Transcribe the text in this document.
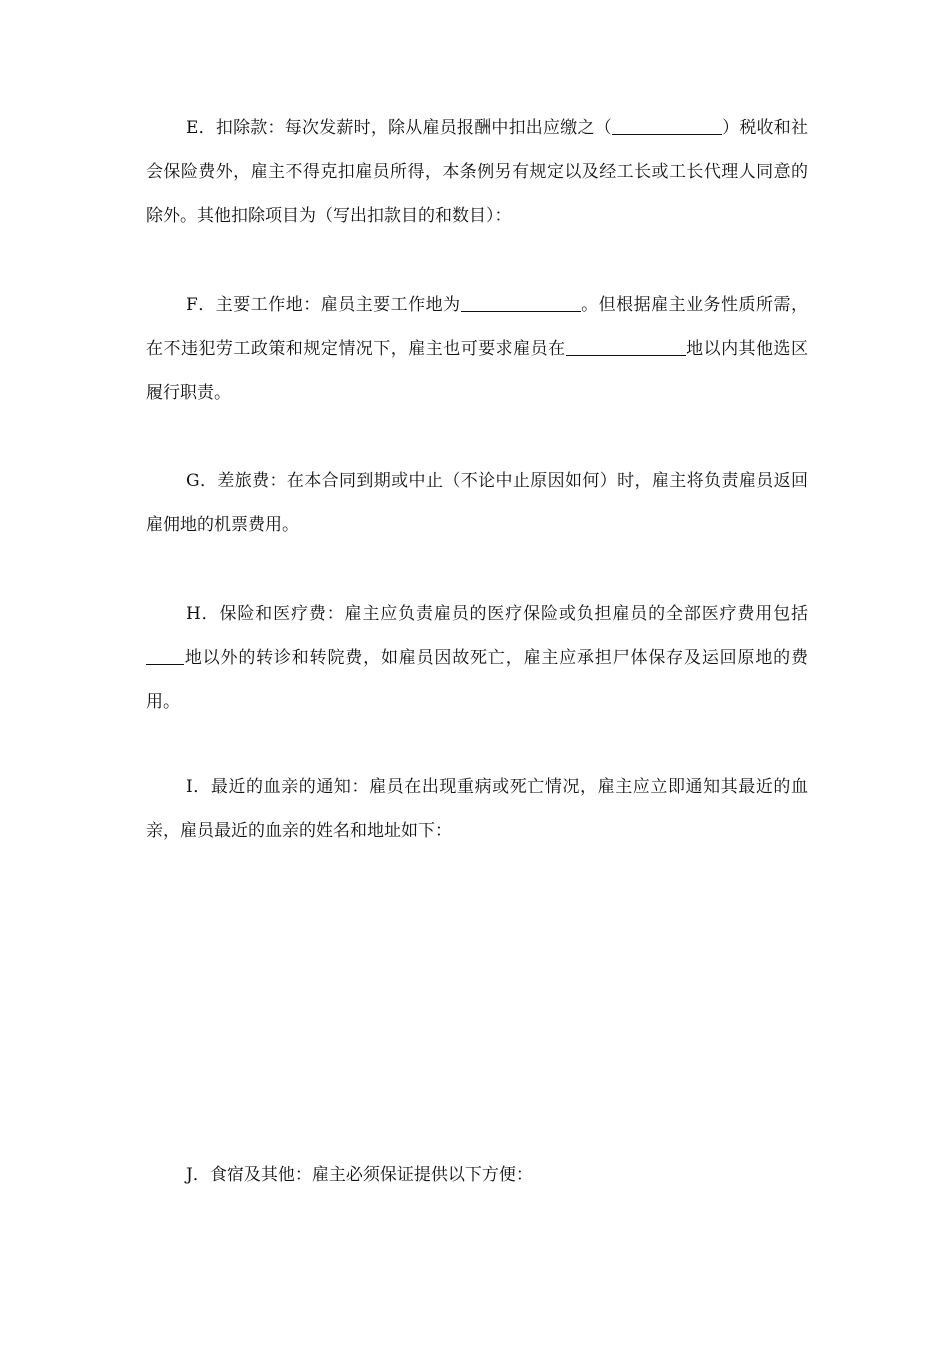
E．扣除款：每次发薪时，除从雇员报酬中扣出应缴之（	）税收和社会保险费外，雇主不得克扣雇员所得，本条例另有规定以及经工长或工长代理人同意的除外。其他扣除项目为（写出扣款目的和数目）：

F．主要工作地：雇员主要工作地为	。但根据雇主业务性质所需，在不违犯劳工政策和规定情况下，雇主也可要求雇员在	地以内其他选区履行职责。

G．差旅费：在本合同到期或中止（不论中止原因如何）时，雇主将负责雇员返回雇佣地的机票费用。

H．保险和医疗费：雇主应负责雇员的医疗保险或负担雇员的全部医疗费用包括地以外的转诊和转院费，如雇员因故死亡，雇主应承担尸体保存及运回原地的费用。

I．最近的血亲的通知：雇员在出现重病或死亡情况，雇主应立即通知其最近的血亲，雇员最近的血亲的姓名和地址如下：

J．食宿及其他：雇主必须保证提供以下方便：
